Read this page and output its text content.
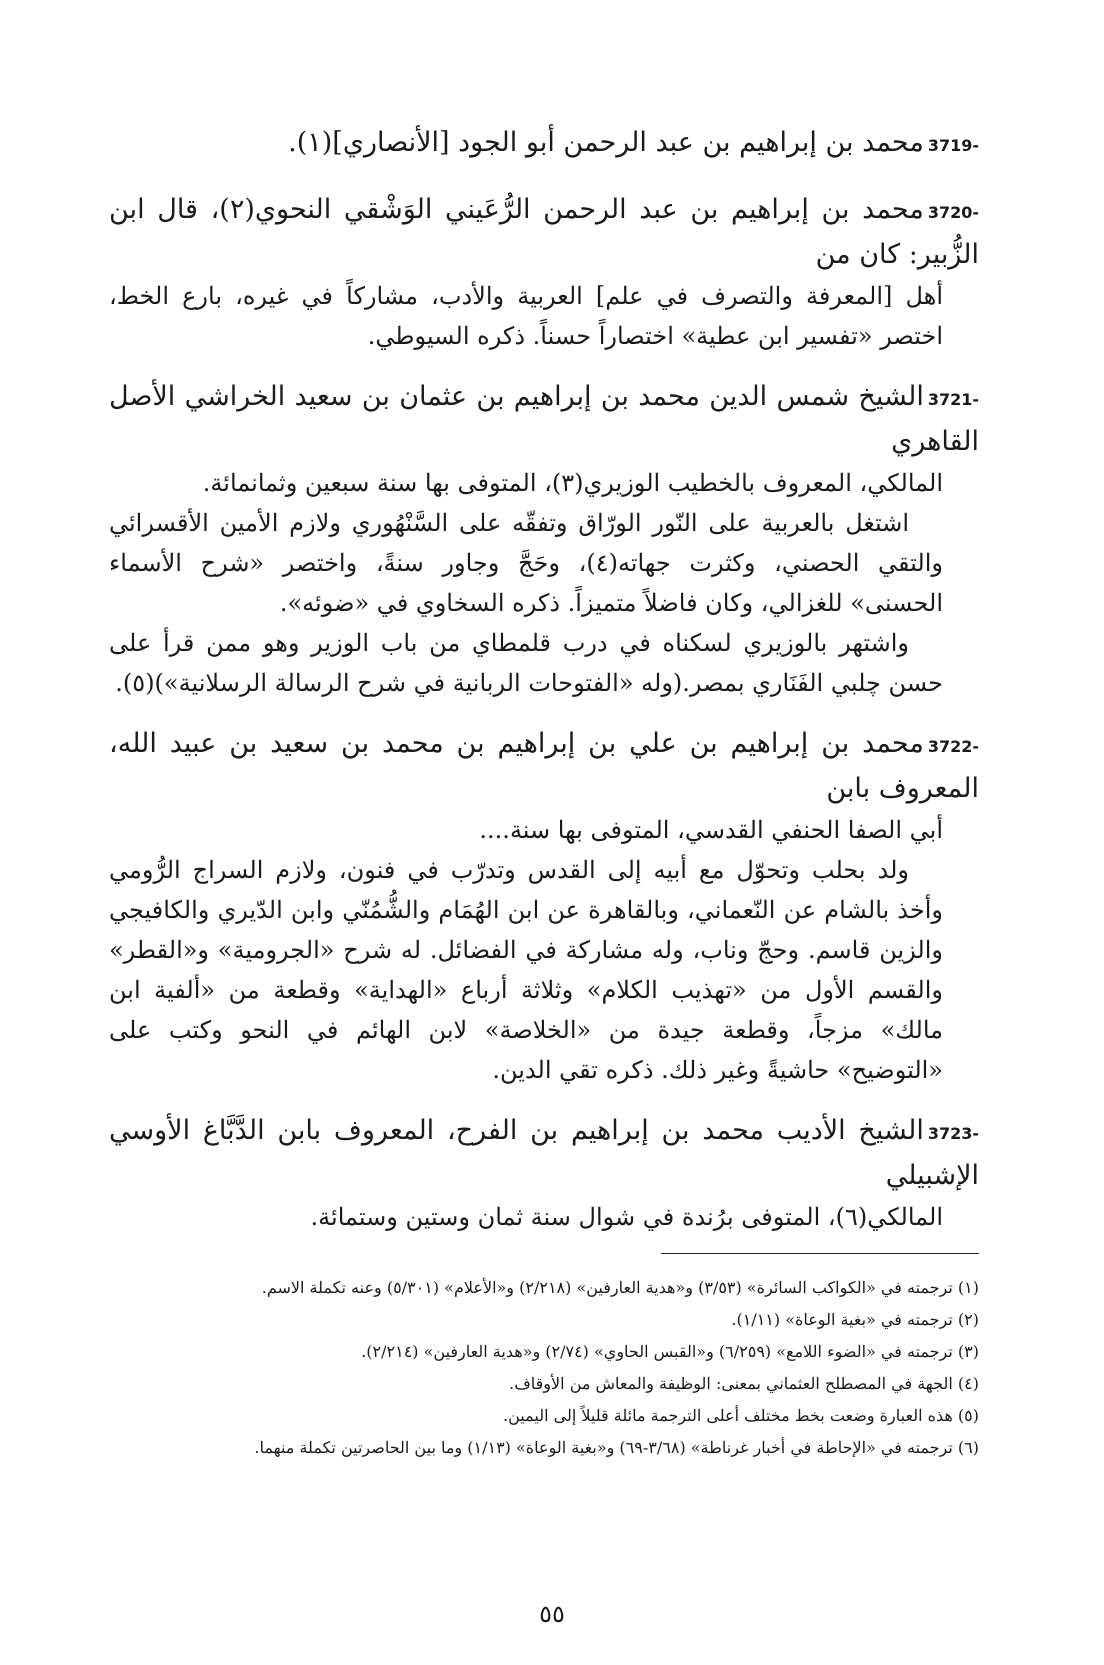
3719-محمد بن إبراهيم بن عبد الرحمن أبو الجود [الأنصاري](١).
3720-محمد بن إبراهيم بن عبد الرحمن الرُّعَيني الوَشْقي النحوي(٢)، قال ابن الزُّبير: كان من

أهل [المعرفة والتصرف في علم] العربية والأدب، مشاركاً في غيره، بارع الخط، اختصر «تفسير ابن عطية» اختصاراً حسناً. ذكره السيوطي.

3721-الشيخ شمس الدين محمد بن إبراهيم بن عثمان بن سعيد الخراشي الأصل القاهري

المالكي، المعروف بالخطيب الوزيري(٣)، المتوفى بها سنة سبعين وثمانمائة.

اشتغل بالعربية على النّور الورّاق وتفقّه على السَّنْهُوري ولازم الأمين الأقسرائي والتقي الحصني، وكثرت جهاته(٤)، وحَجَّ وجاور سنةً، واختصر «شرح الأسماء الحسنى» للغزالي، وكان فاضلاً متميزاً. ذكره السخاوي في «ضوئه».

واشتهر بالوزيري لسكناه في درب قلمطاي من باب الوزير وهو ممن قرأ على حسن چلبي الفَنَاري بمصر.(وله «الفتوحات الربانية في شرح الرسالة الرسلانية»)(٥).

3722-محمد بن إبراهيم بن علي بن إبراهيم بن محمد بن سعيد بن عبيد الله، المعروف بابن

أبي الصفا الحنفي القدسي، المتوفى بها سنة....

ولد بحلب وتحوّل مع أبيه إلى القدس وتدرّب في فنون، ولازم السراج الرُّومي وأخذ بالشام عن النّعماني، وبالقاهرة عن ابن الهُمَام والشُّمُنّي وابن الدّيري والكافيجي والزين قاسم. وحجّ وناب، وله مشاركة في الفضائل. له شرح «الجرومية» و«القطر» والقسم الأول من «تهذيب الكلام» وثلاثة أرباع «الهداية» وقطعة من «ألفية ابن مالك» مزجاً، وقطعة جيدة من «الخلاصة» لابن الهائم في النحو وكتب على «التوضيح» حاشيةً وغير ذلك. ذكره تقي الدين.

3723-الشيخ الأديب محمد بن إبراهيم بن الفرح، المعروف بابن الدَّبَّاغ الأوسي الإشبيلي

المالكي(٦)، المتوفى برُندة في شوال سنة ثمان وستين وستمائة.

(١) ترجمته في «الكواكب السائرة» (٣/٥٣) و«هدية العارفين» (٢/٢١٨) و«الأعلام» (٥/٣٠١) وعنه تكملة الاسم.

(٢) ترجمته في «بغية الوعاة» (١/١١).

(٣) ترجمته في «الضوء اللامع» (٦/٢٥٩) و«القبس الحاوي» (٢/٧٤) و«هدية العارفين» (٢/٢١٤).

(٤) الجهة في المصطلح العثماني بمعنى: الوظيفة والمعاش من الأوقاف.

(٥) هذه العبارة وضعت بخط مختلف أعلى الترجمة مائلة قليلاً إلى اليمين.

(٦) ترجمته في «الإحاطة في أخبار غرناطة» (٣/٦٨-٦٩) و«بغية الوعاة» (١/١٣) وما بين الحاصرتين تكملة منهما.

٥٥
